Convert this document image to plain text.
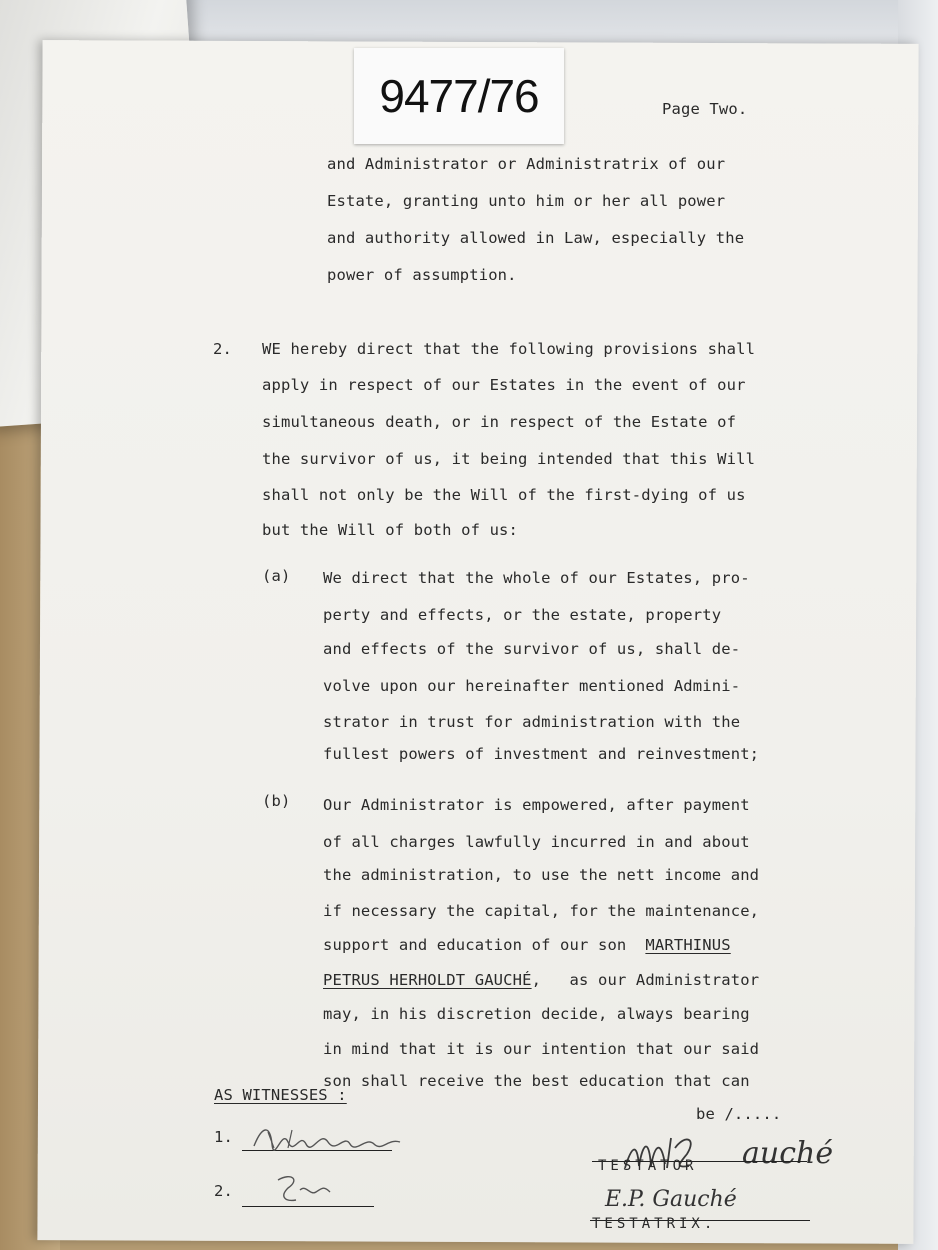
9477/76	Page Two.
and Administrator or Administratrix of our
Estate, granting unto him or her all power
and authority allowed in Law, especially the
power of assumption.
2. WE hereby direct that the following provisions shall
apply in respect of our Estates in the event of our
simultaneous death, or in respect of the Estate of
the survivor of us, it being intended that this Will
shall not only be the Will of the first-dying of us
but the Will of both of us:
(a) We direct that the whole of our Estates, pro-
perty and effects, or the estate, property
and effects of the survivor of us, shall de-
volve upon our hereinafter mentioned Admini-
strator in trust for administration with the
fullest powers of investment and reinvestment;
(b) Our Administrator is empowered, after payment
of all charges lawfully incurred in and about
the administration, to use the nett income and
if necessary the capital, for the maintenance,
support and education of our son MARTHINUS
PETRUS HERHOLDT GAUCHÉ, as our Administrator
may, in his discretion decide, always bearing
in mind that it is our intention that our said
son shall receive the best education that can
be /.....
AS WITNESSES :
1.
2.
auché
TESTATOR
E.P. Gauché
TESTATRIX.
